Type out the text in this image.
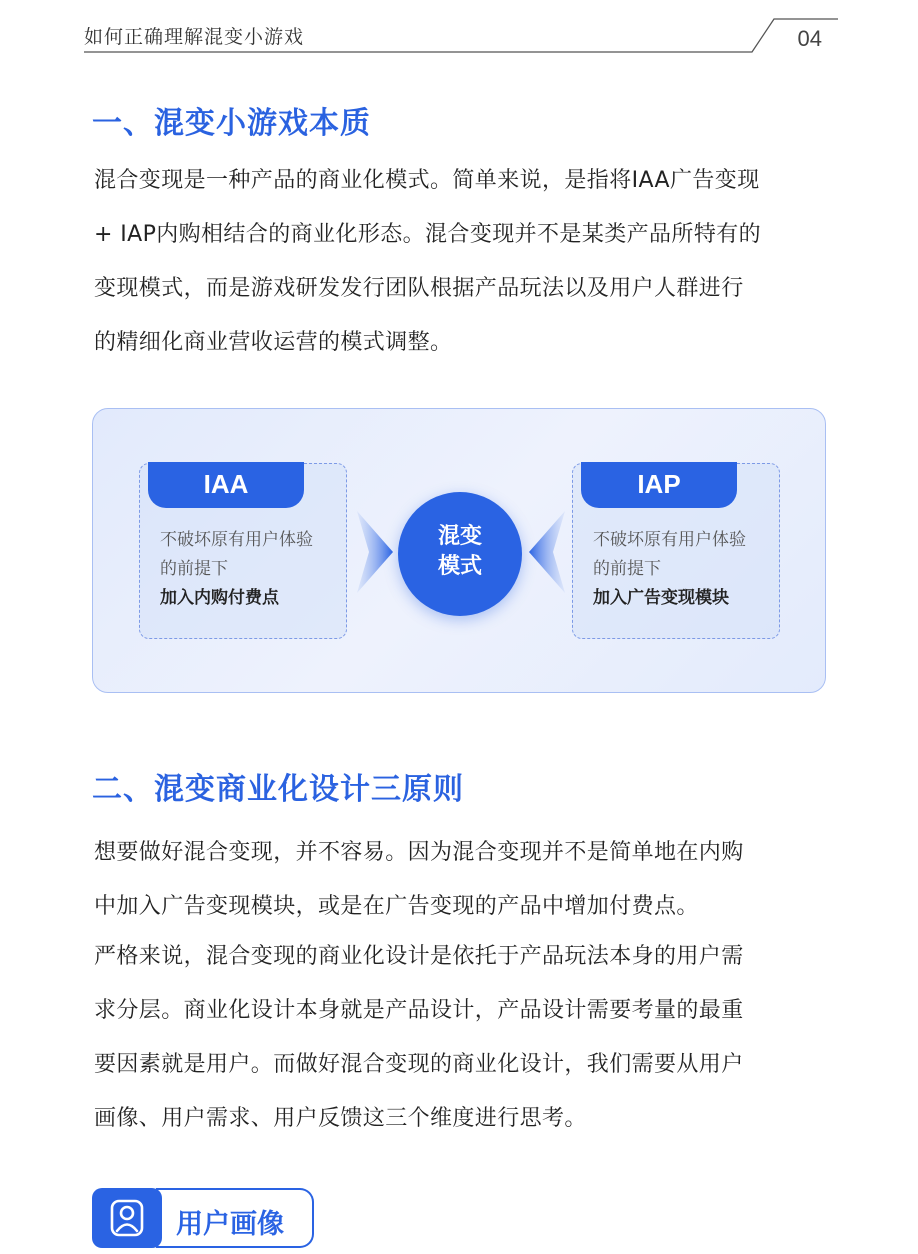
如何正确理解混变小游戏	04
一、混变小游戏本质
混合变现是一种产品的商业化模式。简单来说，是指将IAA广告变现
+ IAP内购相结合的商业化形态。混合变现并不是某类产品所特有的
变现模式，而是游戏研发发行团队根据产品玩法以及用户人群进行
的精细化商业营收运营的模式调整。
IAA
不破坏原有用户体验
的前提下
加入内购付费点
混变
模式
IAP
不破坏原有用户体验
的前提下
加入广告变现模块
二、混变商业化设计三原则
想要做好混合变现，并不容易。因为混合变现并不是简单地在内购
中加入广告变现模块，或是在广告变现的产品中增加付费点。
严格来说，混合变现的商业化设计是依托于产品玩法本身的用户需
求分层。商业化设计本身就是产品设计，产品设计需要考量的最重
要因素就是用户。而做好混合变现的商业化设计，我们需要从用户
画像、用户需求、用户反馈这三个维度进行思考。
用户画像
